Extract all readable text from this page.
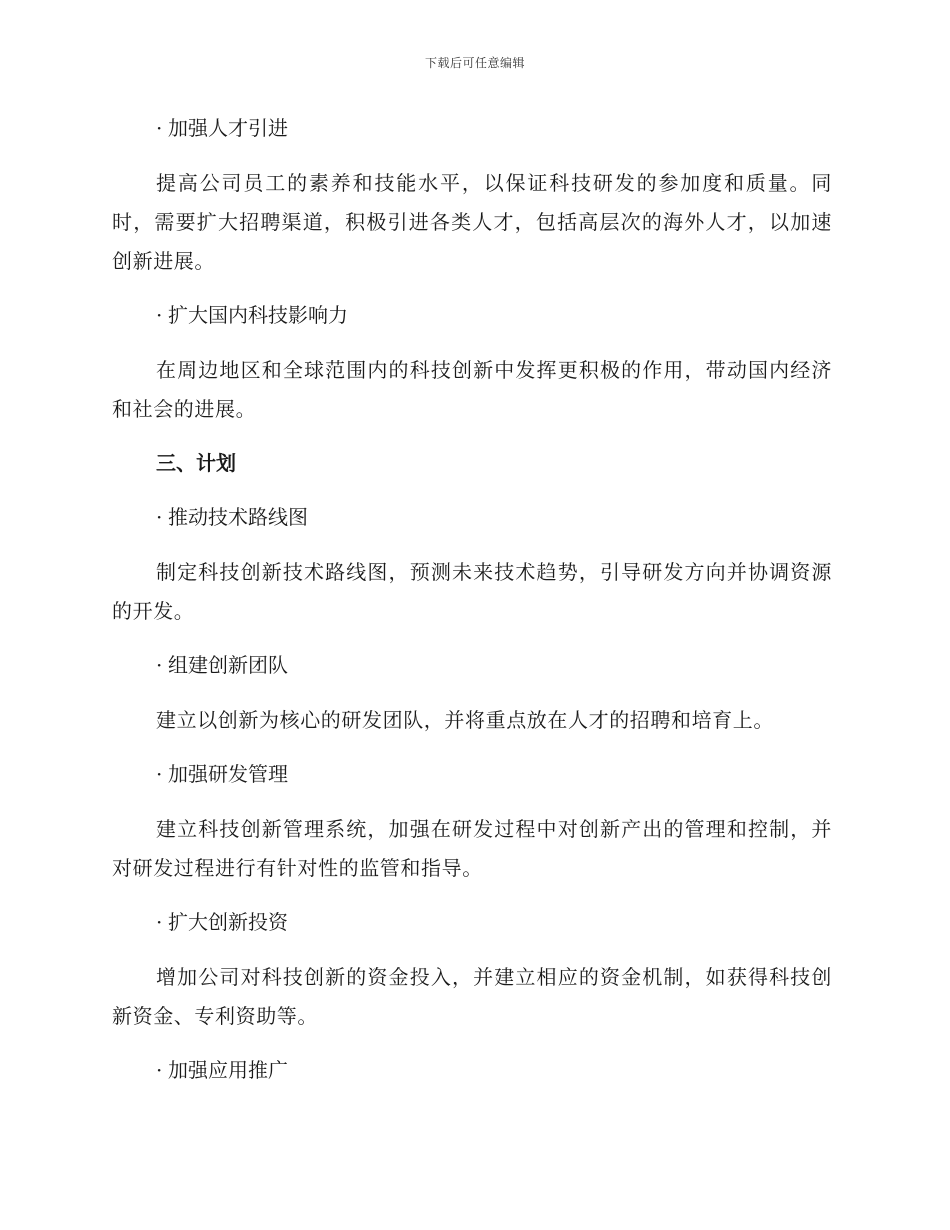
下载后可任意编辑
· 加强人才引进

提高公司员工的素养和技能水平，以保证科技研发的参加度和质量。同时，需要扩大招聘渠道，积极引进各类人才，包括高层次的海外人才，以加速创新进展。

· 扩大国内科技影响力

在周边地区和全球范围内的科技创新中发挥更积极的作用，带动国内经济和社会的进展。

三、计划
· 推动技术路线图

制定科技创新技术路线图，预测未来技术趋势，引导研发方向并协调资源的开发。

· 组建创新团队

建立以创新为核心的研发团队，并将重点放在人才的招聘和培育上。

· 加强研发管理

建立科技创新管理系统，加强在研发过程中对创新产出的管理和控制，并对研发过程进行有针对性的监管和指导。

· 扩大创新投资

增加公司对科技创新的资金投入，并建立相应的资金机制，如获得科技创新资金、专利资助等。

· 加强应用推广
